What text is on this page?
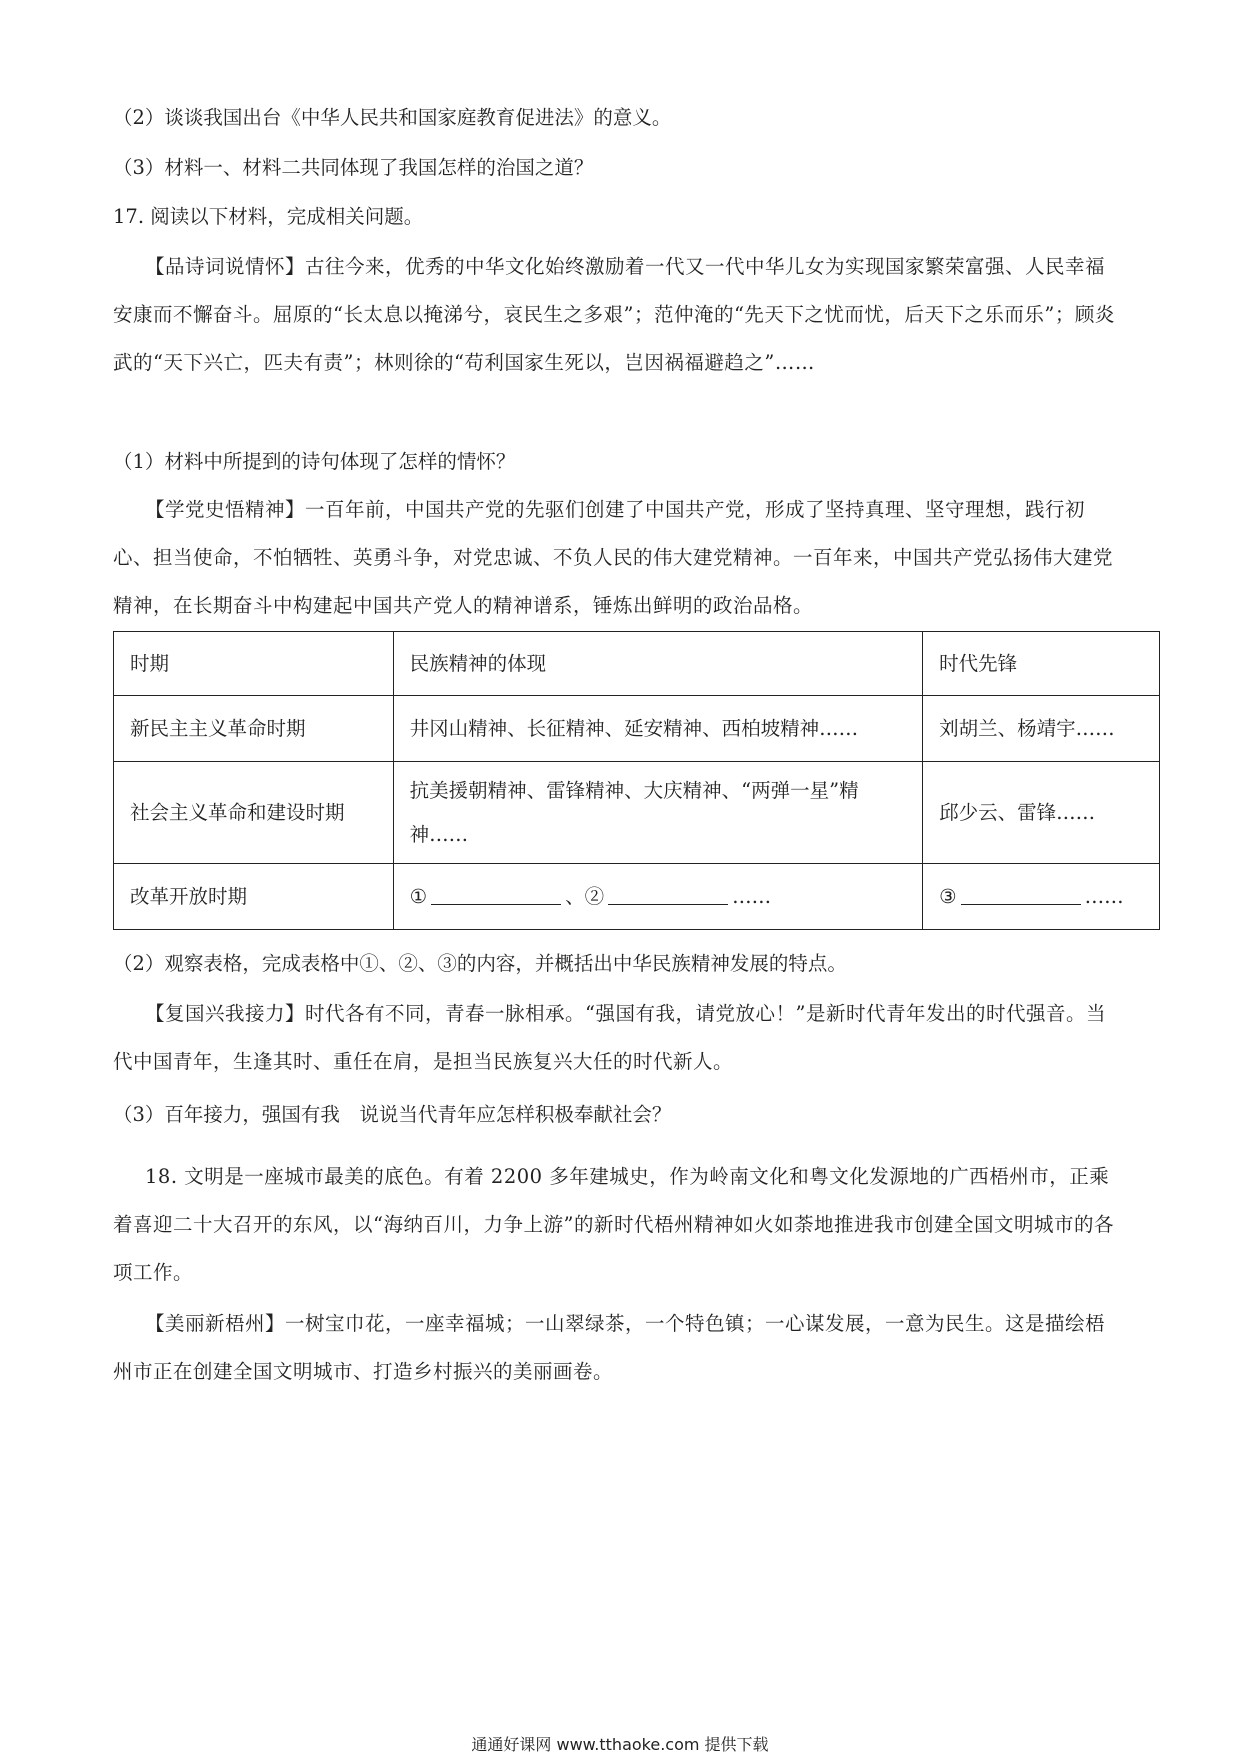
（2）谈谈我国出台《中华人民共和国家庭教育促进法》的意义。
（3）材料一、材料二共同体现了我国怎样的治国之道？
17. 阅读以下材料，完成相关问题。
【品诗词说情怀】古往今来，优秀的中华文化始终激励着一代又一代中华儿女为实现国家繁荣富强、人民幸福安康而不懈奋斗。屈原的“长太息以掩涕兮，哀民生之多艰”；范仲淹的“先天下之忧而忧，后天下之乐而乐”；顾炎武的“天下兴亡，匹夫有责”；林则徐的“苟利国家生死以，岂因祸福避趋之”……
（1）材料中所提到的诗句体现了怎样的情怀？
【学党史悟精神】一百年前，中国共产党的先驱们创建了中国共产党，形成了坚持真理、坚守理想，践行初心、担当使命，不怕牺牲、英勇斗争，对党忠诚、不负人民的伟大建党精神。一百年来，中国共产党弘扬伟大建党精神，在长期奋斗中构建起中国共产党人的精神谱系，锤炼出鲜明的政治品格。
时期	民族精神的体现	时代先锋
新民主主义革命时期	井冈山精神、长征精神、延安精神、西柏坡精神……	刘胡兰、杨靖宇……
社会主义革命和建设时期	抗美援朝精神、雷锋精神、大庆精神、“两弹一星”精神……	邱少云、雷锋……
改革开放时期	① 、② ……	③ ……
（2）观察表格，完成表格中①、②、③的内容，并概括出中华民族精神发展的特点。
【复国兴我接力】时代各有不同，青春一脉相承。“强国有我，请党放心！”是新时代青年发出的时代强音。当代中国青年，生逢其时、重任在肩，是担当民族复兴大任的时代新人。
（3）百年接力，强国有我　说说当代青年应怎样积极奉献社会？
18. 文明是一座城市最美的底色。有着 2200 多年建城史，作为岭南文化和粤文化发源地的广西梧州市，正乘着喜迎二十大召开的东风，以“海纳百川，力争上游”的新时代梧州精神如火如荼地推进我市创建全国文明城市的各项工作。
【美丽新梧州】一树宝巾花，一座幸福城；一山翠绿茶，一个特色镇；一心谋发展，一意为民生。这是描绘梧州市正在创建全国文明城市、打造乡村振兴的美丽画卷。
通通好课网 www.tthaoke.com 提供下载
